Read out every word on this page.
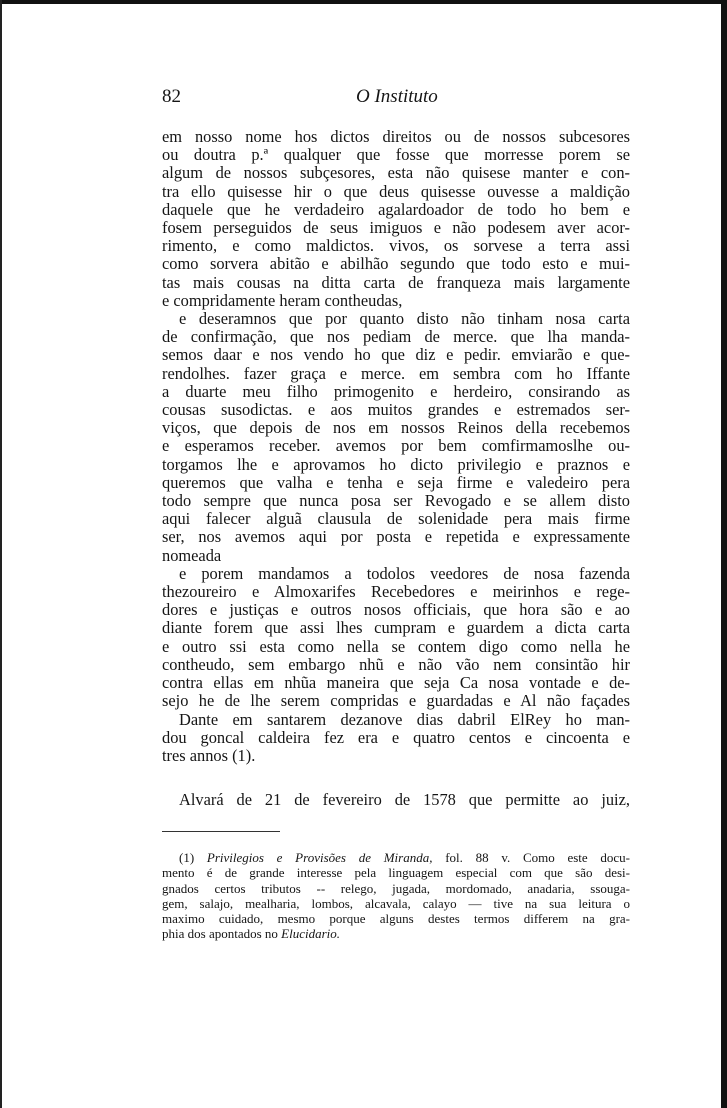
82	O Instituto
em nosso nome hos dictos direitos ou de nossos subcesores
ou doutra p.ª qualquer que fosse que morresse porem se
algum de nossos subçesores, esta não quisese manter e con-
tra ello quisesse hir o que deus quisesse ouvesse a maldição
daquele que he verdadeiro agalardoador de todo ho bem e
fosem perseguidos de seus imiguos e não podesem aver acor-
rimento, e como maldictos. vivos, os sorvese a terra assi
como sorvera abitão e abilhão segundo que todo esto e mui-
tas mais cousas na ditta carta de franqueza mais largamente
e compridamente heram contheudas,
e deseramnos que por quanto disto não tinham nosa carta
de confirmação, que nos pediam de merce. que lha manda-
semos daar e nos vendo ho que diz e pedir. emviarão e que-
rendolhes. fazer graça e merce. em sembra com ho Iffante
a duarte meu filho primogenito e herdeiro, consirando as
cousas susodictas. e aos muitos grandes e estremados ser-
viços, que depois de nos em nossos Reinos della recebemos
e esperamos receber. avemos por bem comfirmamoslhe ou-
torgamos lhe e aprovamos ho dicto privilegio e praznos e
queremos que valha e tenha e seja firme e valedeiro pera
todo sempre que nunca posa ser Revogado e se allem disto
aqui falecer alguã clausula de solenidade pera mais firme
ser, nos avemos aqui por posta e repetida e expressamente
nomeada
e porem mandamos a todolos veedores de nosa fazenda
thezoureiro e Almoxarifes Recebedores e meirinhos e rege-
dores e justiças e outros nosos officiais, que hora são e ao
diante forem que assi lhes cumpram e guardem a dicta carta
e outro ssi esta como nella se contem digo como nella he
contheudo, sem embargo nhũ e não vão nem consintão hir
contra ellas em nhũa maneira que seja Ca nosa vontade e de-
sejo he de lhe serem compridas e guardadas e Al não façades
Dante em santarem dezanove dias dabril ElRey ho man-
dou goncal caldeira fez era e quatro centos e cincoenta e
tres annos (1).
Alvará de 21 de fevereiro de 1578 que permitte ao juiz,
(1) Privilegios e Provisões de Miranda, fol. 88 v. Como este docu-
mento é de grande interesse pela linguagem especial com que são desi-
gnados certos tributos -- relego, jugada, mordomado, anadaria, ssouga-
gem, salajo, mealharia, lombos, alcavala, calayo — tive na sua leitura o
maximo cuidado, mesmo porque alguns destes termos differem na gra-
phia dos apontados no Elucidario.
